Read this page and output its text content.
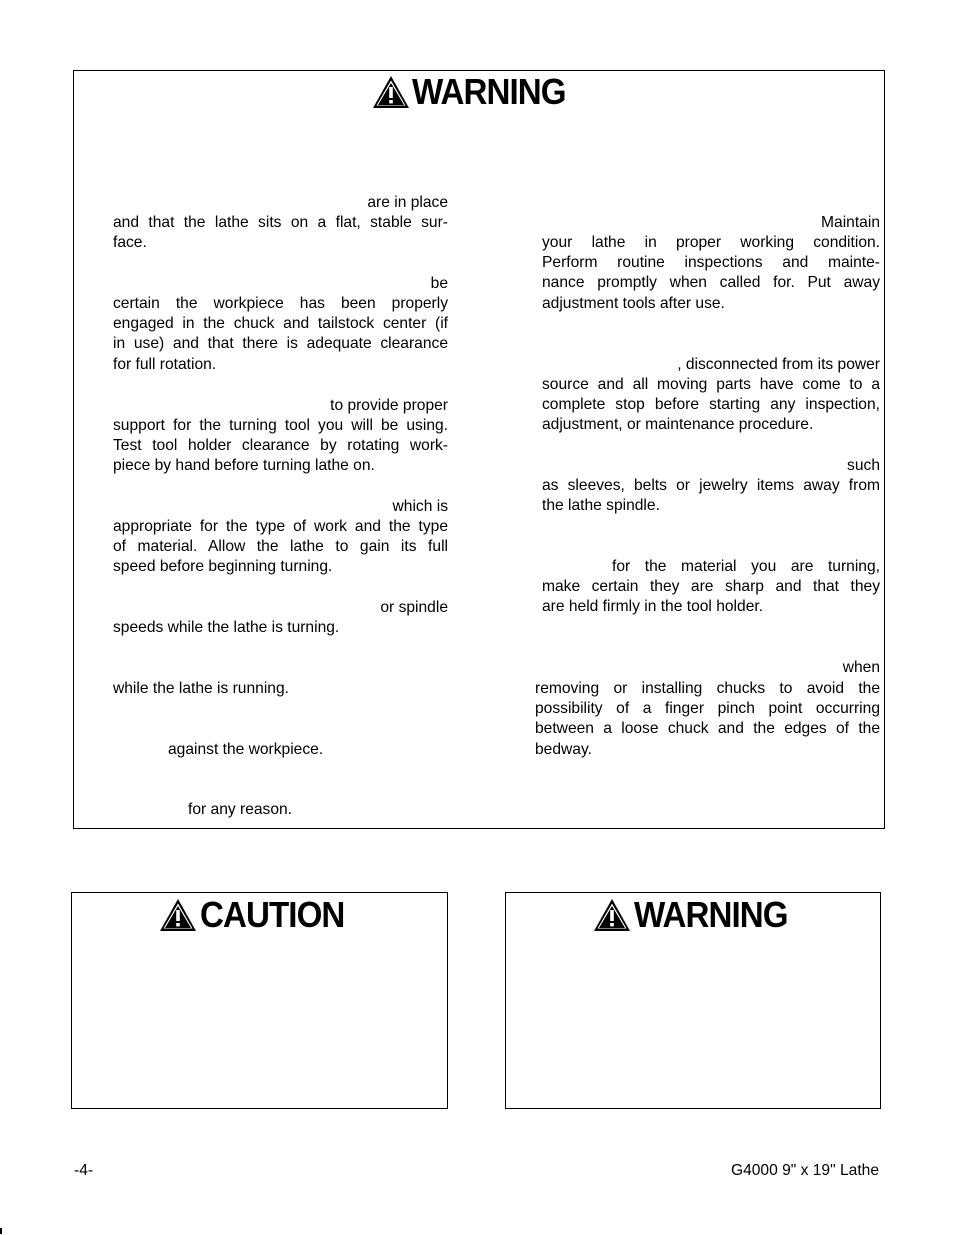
WARNING
are in place
and that the lathe sits on a flat, stable sur-
face.
be
certain the workpiece has been properly
engaged in the chuck and tailstock center (if
in use) and that there is adequate clearance
for full rotation.
to provide proper
support for the turning tool you will be using.
Test tool holder clearance by rotating work-
piece by hand before turning lathe on.
which is
appropriate for the type of work and the type
of material. Allow the lathe to gain its full
speed before beginning turning.
or spindle
speeds while the lathe is turning.
while the lathe is running.
against the workpiece.
for any reason.
Maintain
your lathe in proper working condition.
Perform routine inspections and mainte-
nance promptly when called for. Put away
adjustment tools after use.
, disconnected from its power
source and all moving parts have come to a
complete stop before starting any inspection,
adjustment, or maintenance procedure.
such
as sleeves, belts or jewelry items away from
the lathe spindle.
for the material you are turning,
make certain they are sharp and that they
are held firmly in the tool holder.
when
removing or installing chucks to avoid the
possibility of a finger pinch point occurring
between a loose chuck and the edges of the
bedway.
CAUTION	WARNING
-4-	G4000 9" x 19" Lathe
